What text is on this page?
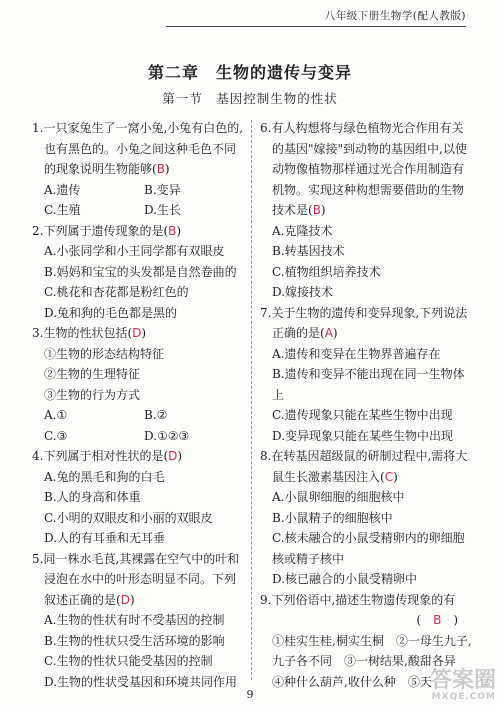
八年级下册生物学(配人教版)
第二章　生物的遗传与变异
第一节　基因控制生物的性状
1.一只家兔生了一窝小兔,小兔有白色的,也有黑色的。小兔之间这种毛色不同的现象说明生物能够(B)
A.遗传	B.变异
C.生殖	D.生长
2.下列属于遗传现象的是(B)
A.小张同学和小王同学都有双眼皮
B.妈妈和宝宝的头发都是自然卷曲的
C.桃花和杏花都是粉红色的
D.兔和狗的毛色都是黑的
3.生物的性状包括(D)
①生物的形态结构特征
②生物的生理特征
③生物的行为方式
A.①	B.②
C.③	D.①②③
4.下列属于相对性状的是(D)
A.兔的黑毛和狗的白毛
B.人的身高和体重
C.小明的双眼皮和小丽的双眼皮
D.人的有耳垂和无耳垂
5.同一株水毛茛,其裸露在空气中的叶和浸泡在水中的叶形态明显不同。下列叙述正确的是(D)
A.生物的性状有时不受基因的控制
B.生物的性状只受生活环境的影响
C.生物的性状只能受基因的控制
D.生物的性状受基因和环境共同作用
6.有人构想将与绿色植物光合作用有关的基因"嫁接"到动物的基因组中,以使动物像植物那样通过光合作用制造有机物。实现这种构想需要借助的生物技术是(B)
A.克隆技术
B.转基因技术
C.植物组织培养技术
D.嫁接技术
7.关于生物的遗传和变异现象,下列说法正确的是(A)
A.遗传和变异在生物界普遍存在
B.遗传和变异不能出现在同一生物体上
C.遗传现象只能在某些生物中出现
D.变异现象只能在某些生物中出现
8.在转基因超级鼠的研制过程中,需将大鼠生长激素基因注入(C)
A.小鼠卵细胞的细胞核中
B.小鼠精子的细胞核中
C.核未融合的小鼠受精卵内的卵细胞核或精子核中
D.核已融合的小鼠受精卵中
9.下列俗语中,描述生物遗传现象的有
( B )
①桂实生桂,桐实生桐　②一母生九子,九子各不同　③一树结果,酸甜各异　④种什么葫芦,收什么种　⑤天
9
答案圈
MXQE.COM
